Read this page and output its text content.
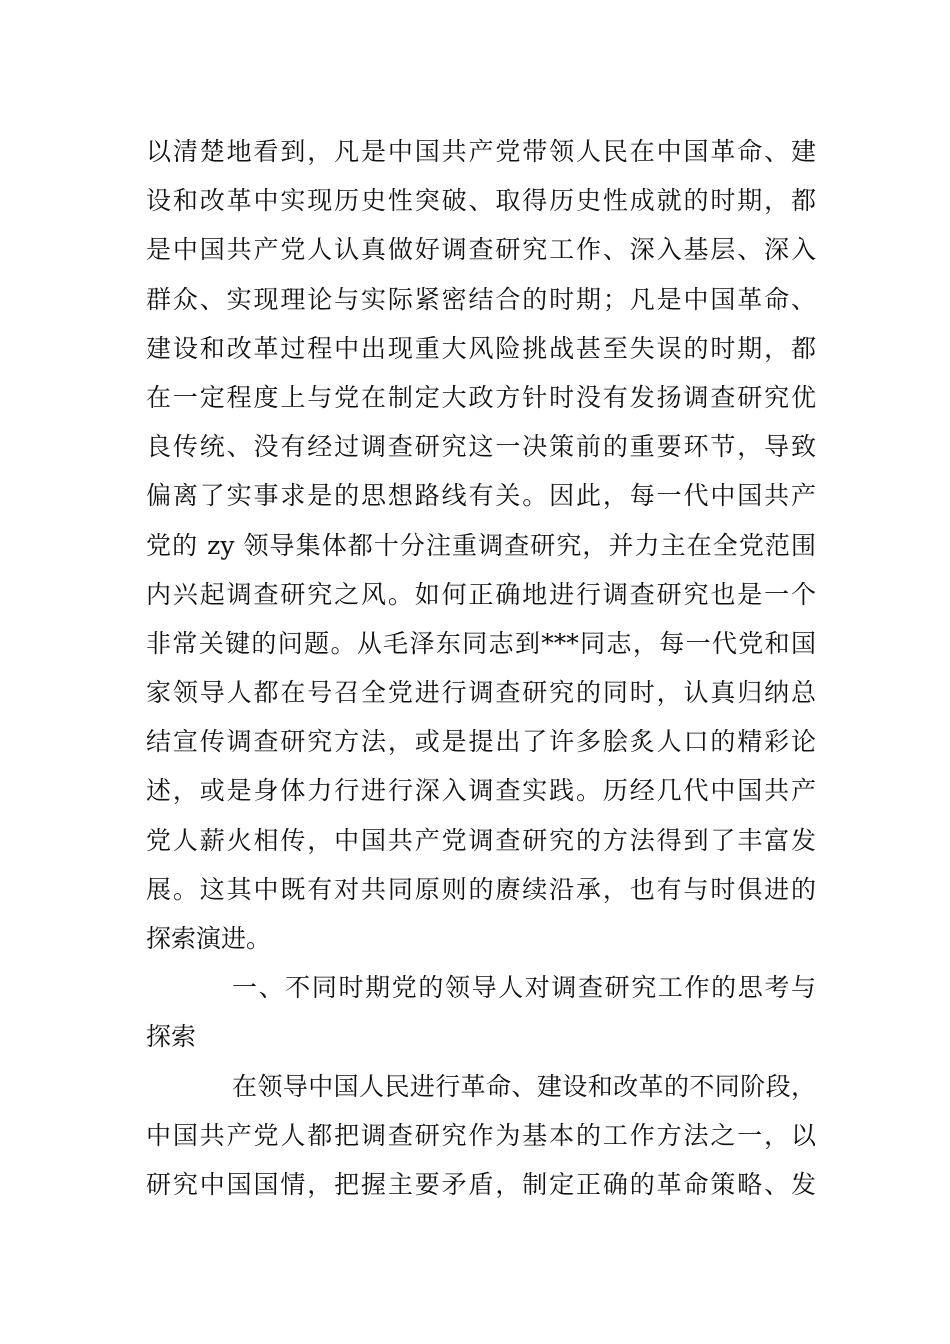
以清楚地看到，凡是中国共产党带领人民在中国革命、建
设和改革中实现历史性突破、取得历史性成就的时期，都
是中国共产党人认真做好调查研究工作、深入基层、深入
群众、实现理论与实际紧密结合的时期；凡是中国革命、
建设和改革过程中出现重大风险挑战甚至失误的时期，都
在一定程度上与党在制定大政方针时没有发扬调查研究优
良传统、没有经过调查研究这一决策前的重要环节，导致
偏离了实事求是的思想路线有关。因此，每一代中国共产
党的 zy 领导集体都十分注重调查研究，并力主在全党范围
内兴起调查研究之风。如何正确地进行调查研究也是一个
非常关键的问题。从毛泽东同志到***同志，每一代党和国
家领导人都在号召全党进行调查研究的同时，认真归纳总
结宣传调查研究方法，或是提出了许多脍炙人口的精彩论
述，或是身体力行进行深入调查实践。历经几代中国共产
党人薪火相传，中国共产党调查研究的方法得到了丰富发
展。这其中既有对共同原则的赓续沿承，也有与时俱进的
探索演进。
一、不同时期党的领导人对调查研究工作的思考与
探索
在领导中国人民进行革命、建设和改革的不同阶段，
中国共产党人都把调查研究作为基本的工作方法之一，以
研究中国国情，把握主要矛盾，制定正确的革命策略、发
